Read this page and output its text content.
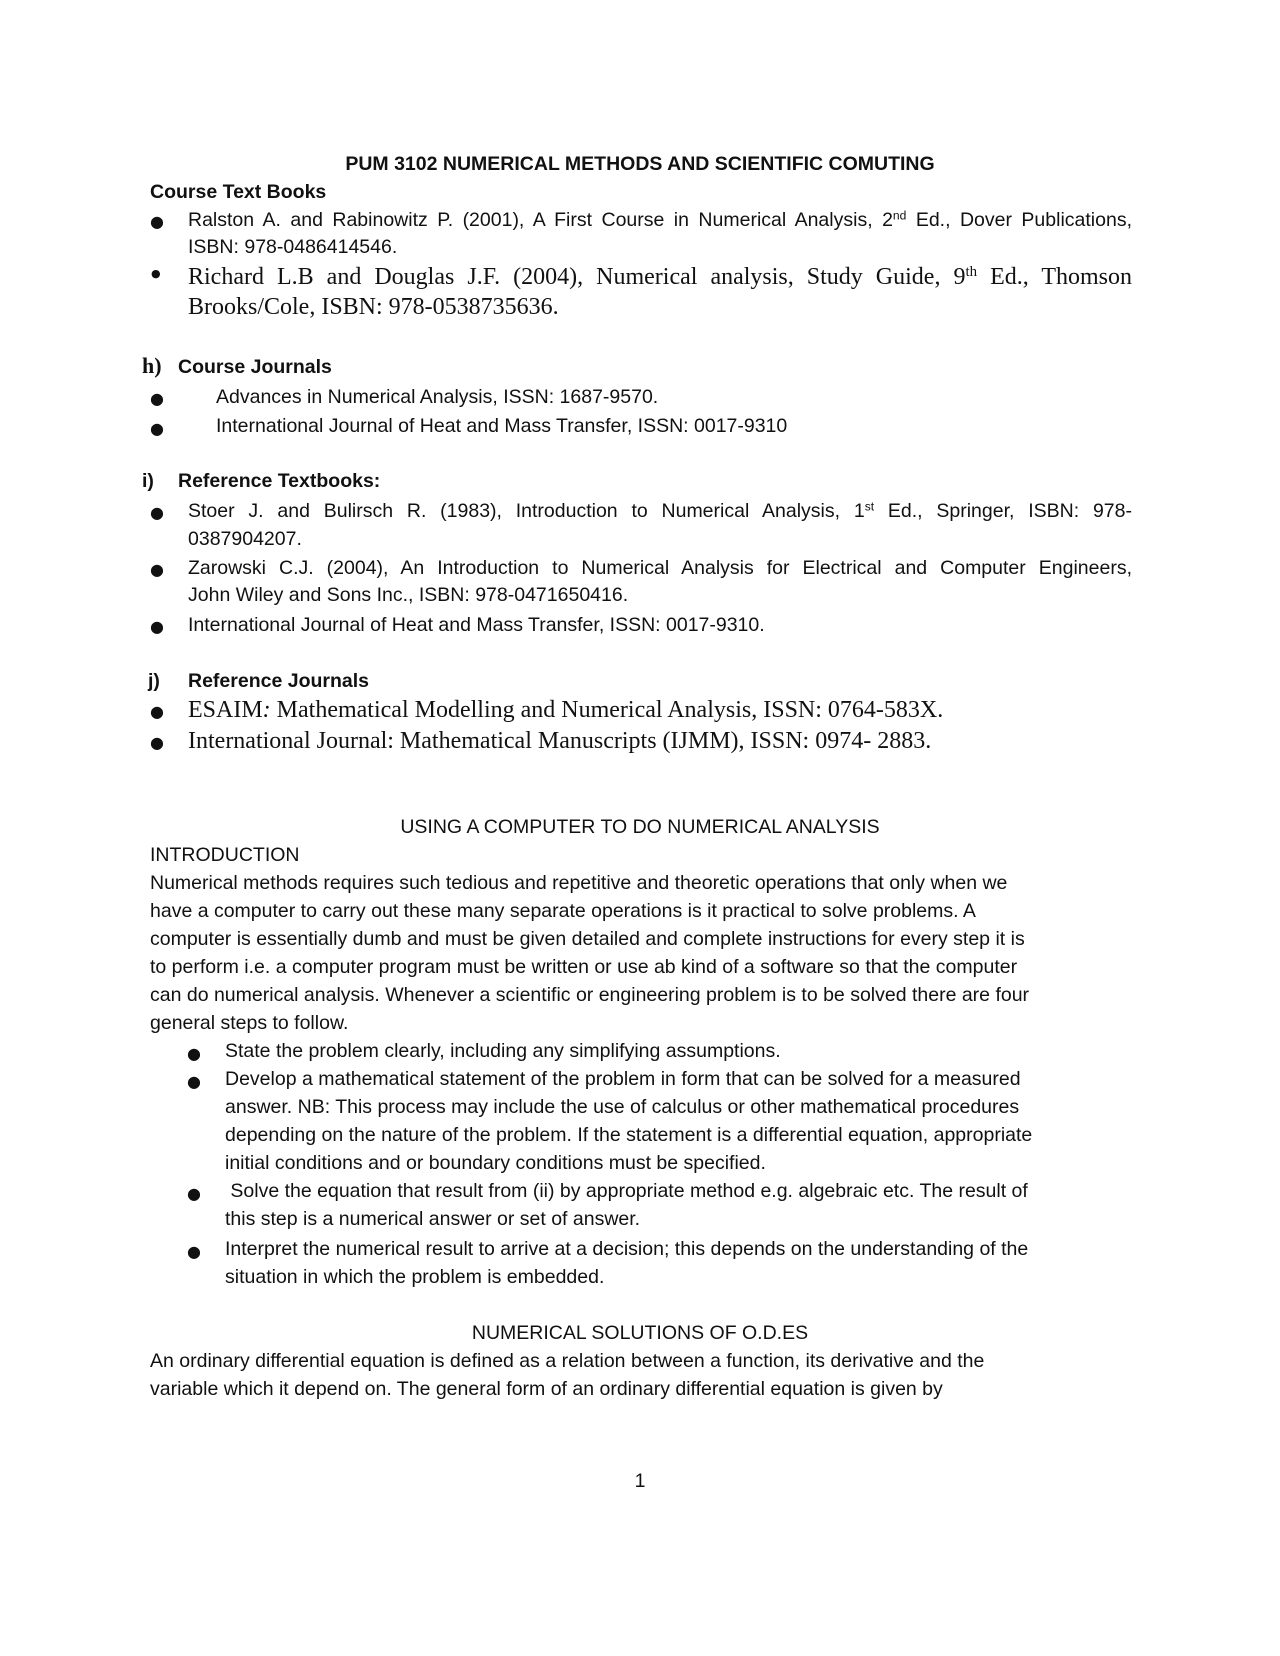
PUM 3102 NUMERICAL METHODS AND SCIENTIFIC COMUTING
Course Text Books
● Ralston A. and Rabinowitz P. (2001), A First Course in Numerical Analysis, 2nd Ed., Dover Publications,
ISBN: 978-0486414546.
● Richard L.B and Douglas J.F. (2004), Numerical analysis, Study Guide, 9th Ed., Thomson
Brooks/Cole, ISBN: 978-0538735636.
h) Course Journals
●	Advances in Numerical Analysis, ISSN: 1687-9570.
●	International Journal of Heat and Mass Transfer, ISSN: 0017-9310
i) Reference Textbooks:
● Stoer J. and Bulirsch R. (1983), Introduction to Numerical Analysis, 1st Ed., Springer, ISBN: 978-
0387904207.
● Zarowski C.J. (2004), An Introduction to Numerical Analysis for Electrical and Computer Engineers,
John Wiley and Sons Inc., ISBN: 978-0471650416.
● International Journal of Heat and Mass Transfer, ISSN: 0017-9310.
j) Reference Journals
● ESAIM: Mathematical Modelling and Numerical Analysis, ISSN: 0764-583X.
● International Journal: Mathematical Manuscripts (IJMM), ISSN: 0974- 2883.
USING A COMPUTER TO DO NUMERICAL ANALYSIS
INTRODUCTION
Numerical methods requires such tedious and repetitive and theoretic operations that only when we
have a computer to carry out these many separate operations is it practical to solve problems. A
computer is essentially dumb and must be given detailed and complete instructions for every step it is
to perform i.e. a computer program must be written or use ab kind of a software so that the computer
can do numerical analysis. Whenever a scientific or engineering problem is to be solved there are four
general steps to follow.
● State the problem clearly, including any simplifying assumptions.
● Develop a mathematical statement of the problem in form that can be solved for a measured
answer. NB: This process may include the use of calculus or other mathematical procedures
depending on the nature of the problem. If the statement is a differential equation, appropriate
initial conditions and or boundary conditions must be specified.
● Solve the equation that result from (ii) by appropriate method e.g. algebraic etc. The result of
this step is a numerical answer or set of answer.
● Interpret the numerical result to arrive at a decision; this depends on the understanding of the
situation in which the problem is embedded.
NUMERICAL SOLUTIONS OF O.D.ES
An ordinary differential equation is defined as a relation between a function, its derivative and the
variable which it depend on. The general form of an ordinary differential equation is given by
1
